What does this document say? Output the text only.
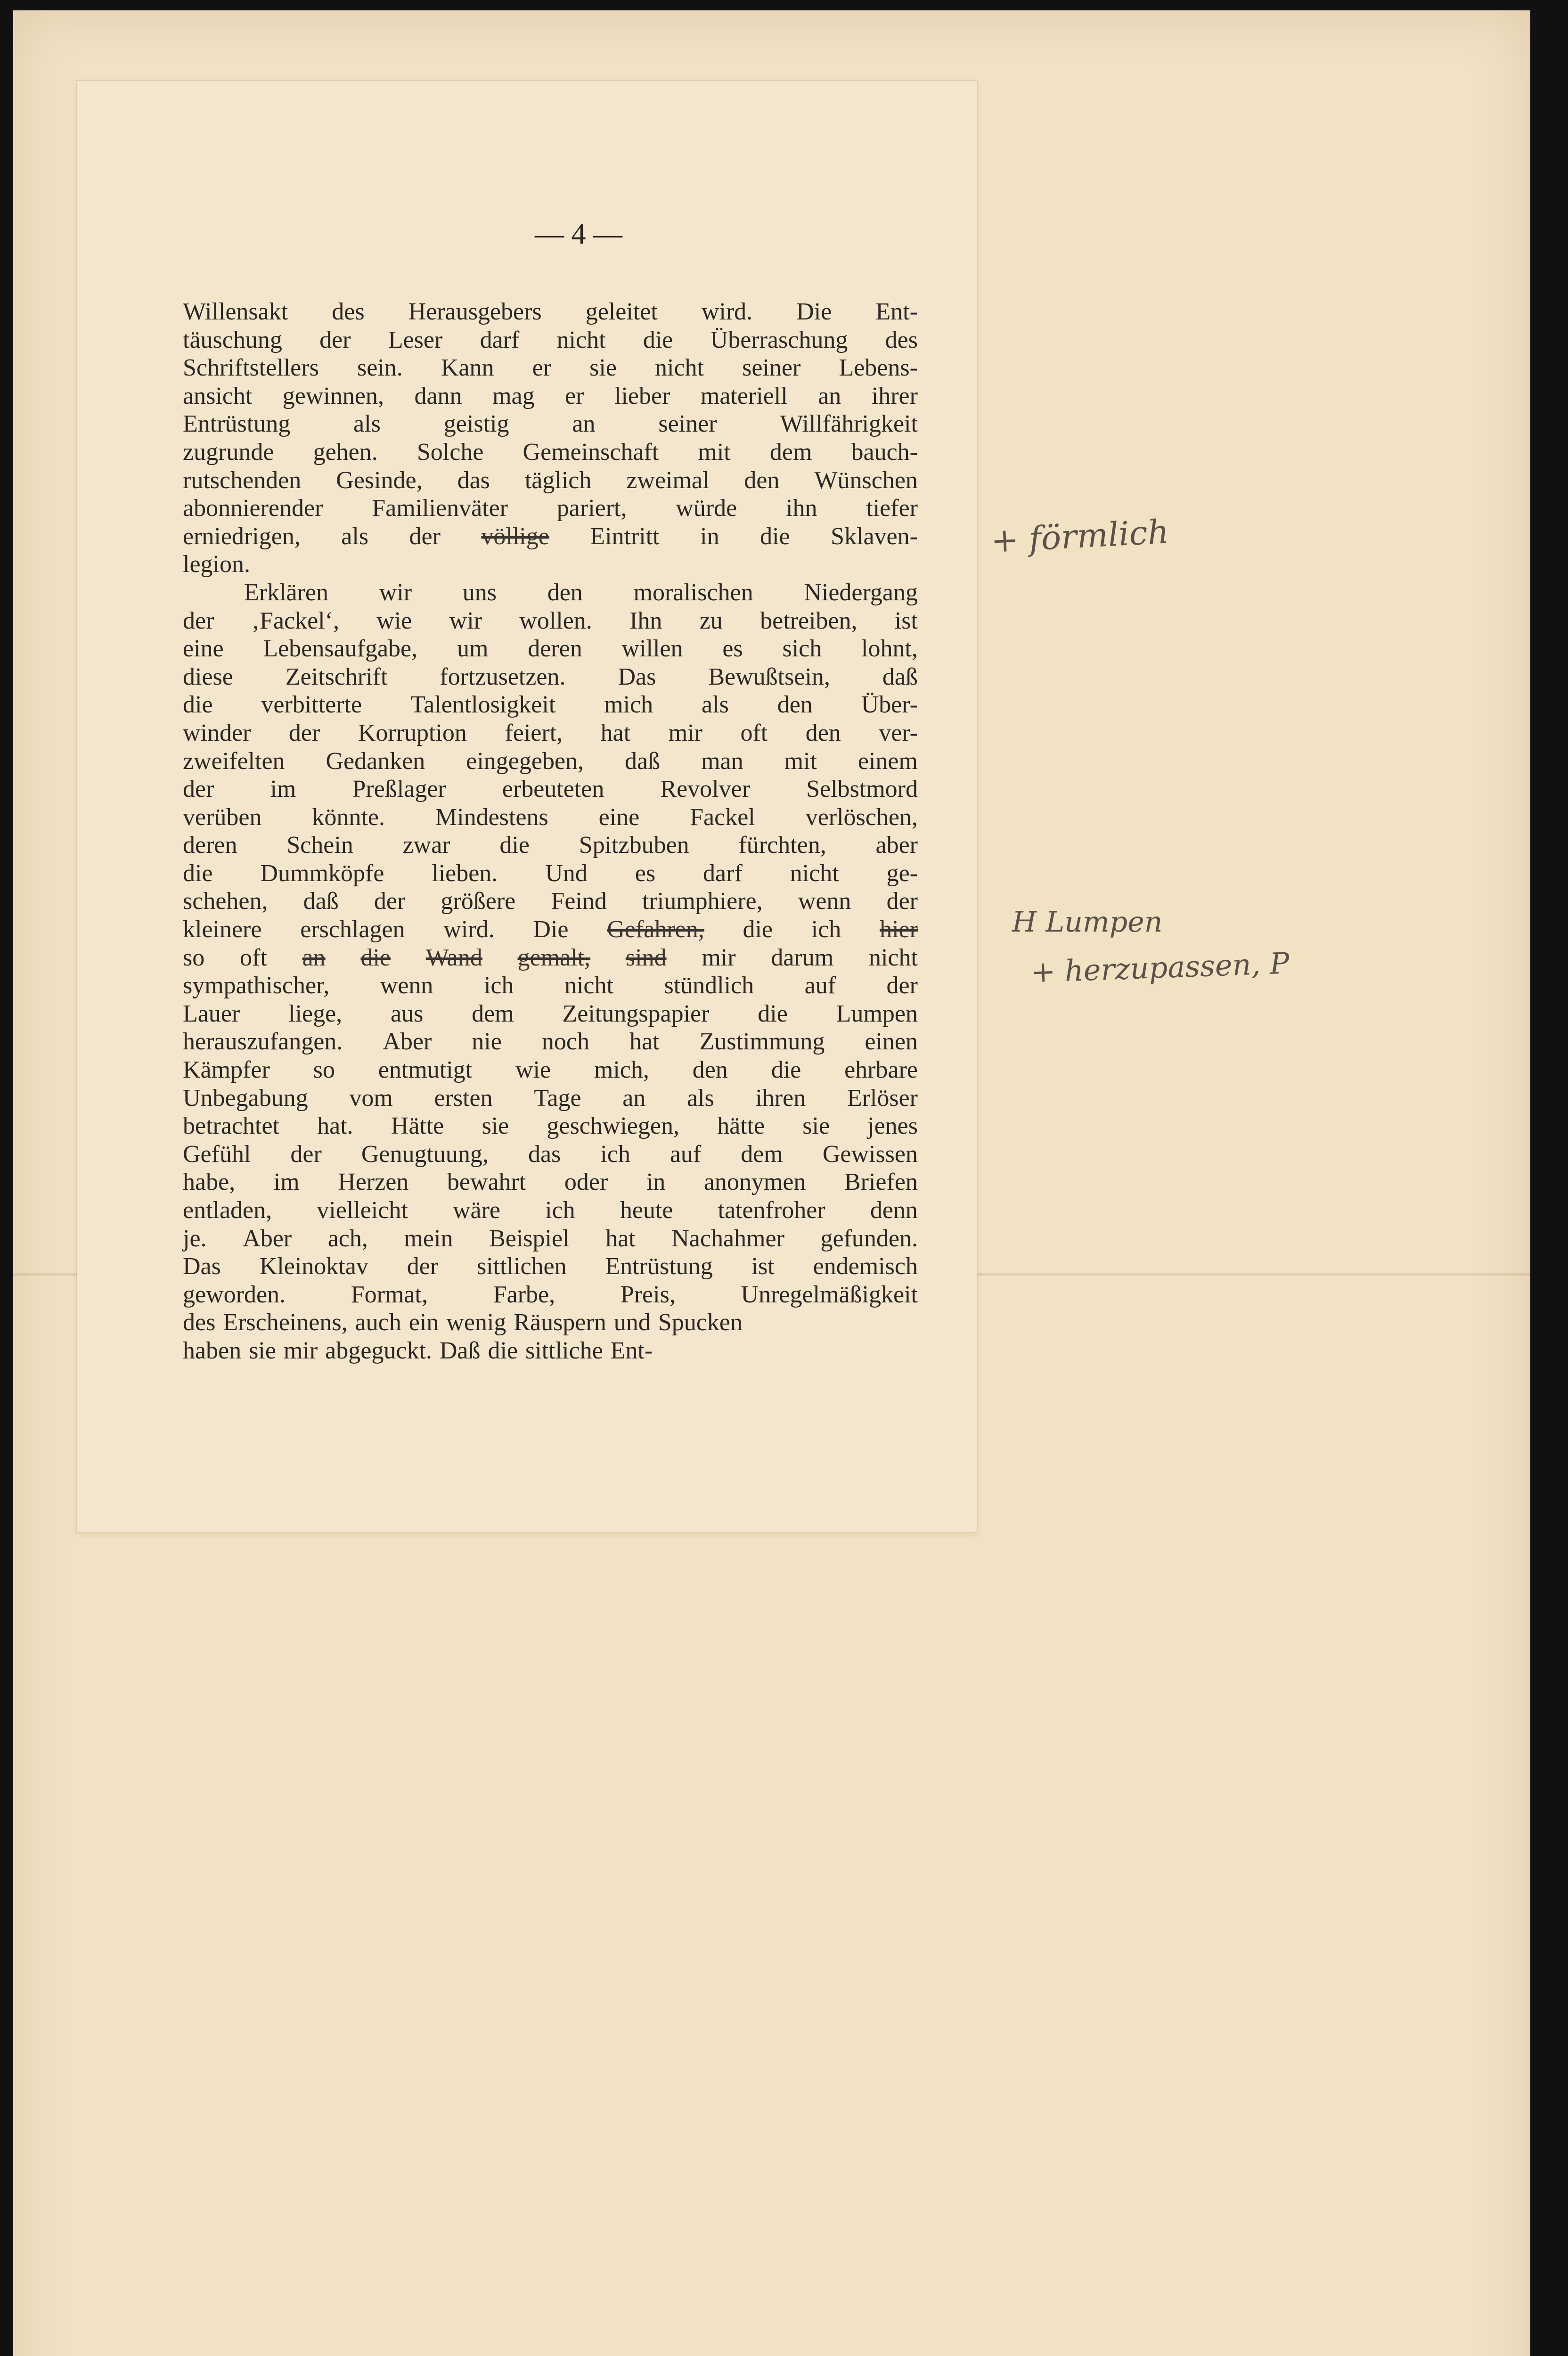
— 4 —
Willensakt des Herausgebers geleitet wird. Die Ent-
täuschung der Leser darf nicht die Überraschung des
Schriftstellers sein. Kann er sie nicht seiner Lebens-
ansicht gewinnen, dann mag er lieber materiell an ihrer
Entrüstung	als	geistig	an	seiner	Willfährigkeit
zugrunde gehen. Solche Gemeinschaft mit dem bauch-
rutschenden Gesinde, das täglich zweimal den Wünschen
abonnierender Familienväter pariert, würde ihn tiefer
erniedrigen, als der völlige Eintritt in die Sklaven-
legion.
Erklären wir uns den moralischen Niedergang
der ‚Fackel‘, wie wir wollen. Ihn zu betreiben, ist
eine Lebensaufgabe, um deren willen es sich lohnt,
diese Zeitschrift fortzusetzen. Das Bewußtsein, daß
die verbitterte Talentlosigkeit mich als den Über-
winder der Korruption feiert, hat mir oft den ver-
zweifelten Gedanken eingegeben, daß man mit einem
der im Preßlager erbeuteten Revolver Selbstmord
verüben könnte. Mindestens eine Fackel verlöschen,
deren Schein zwar die Spitzbuben fürchten, aber
die Dummköpfe lieben. Und es darf nicht ge-
schehen, daß der größere Feind triumphiere, wenn der
kleinere erschlagen wird. Die Gefahren, die ich hier
so oft an die Wand gemalt, sind mir darum nicht
sympathischer, wenn ich nicht stündlich auf der
Lauer liege, aus dem Zeitungspapier die Lumpen
herauszufangen. Aber nie noch hat Zustimmung einen
Kämpfer so entmutigt wie mich, den die ehrbare
Unbegabung vom ersten Tage an als ihren Erlöser
betrachtet hat. Hätte sie geschwiegen, hätte sie jenes
Gefühl der Genugtuung, das ich auf dem Gewissen
habe, im Herzen bewahrt oder in anonymen Briefen
entladen, vielleicht wäre ich heute tatenfroher denn
je. Aber ach, mein Beispiel hat Nachahmer gefunden.
Das Kleinoktav der sittlichen Entrüstung ist endemisch
geworden.	Format,	Farbe,	Preis,	Unregelmäßigkeit
des Erscheinens, auch ein wenig Räuspern und Spucken
haben sie mir abgeguckt. Daß die sittliche Ent-
+ förmlich
H Lumpen
+ herzupassen, P
